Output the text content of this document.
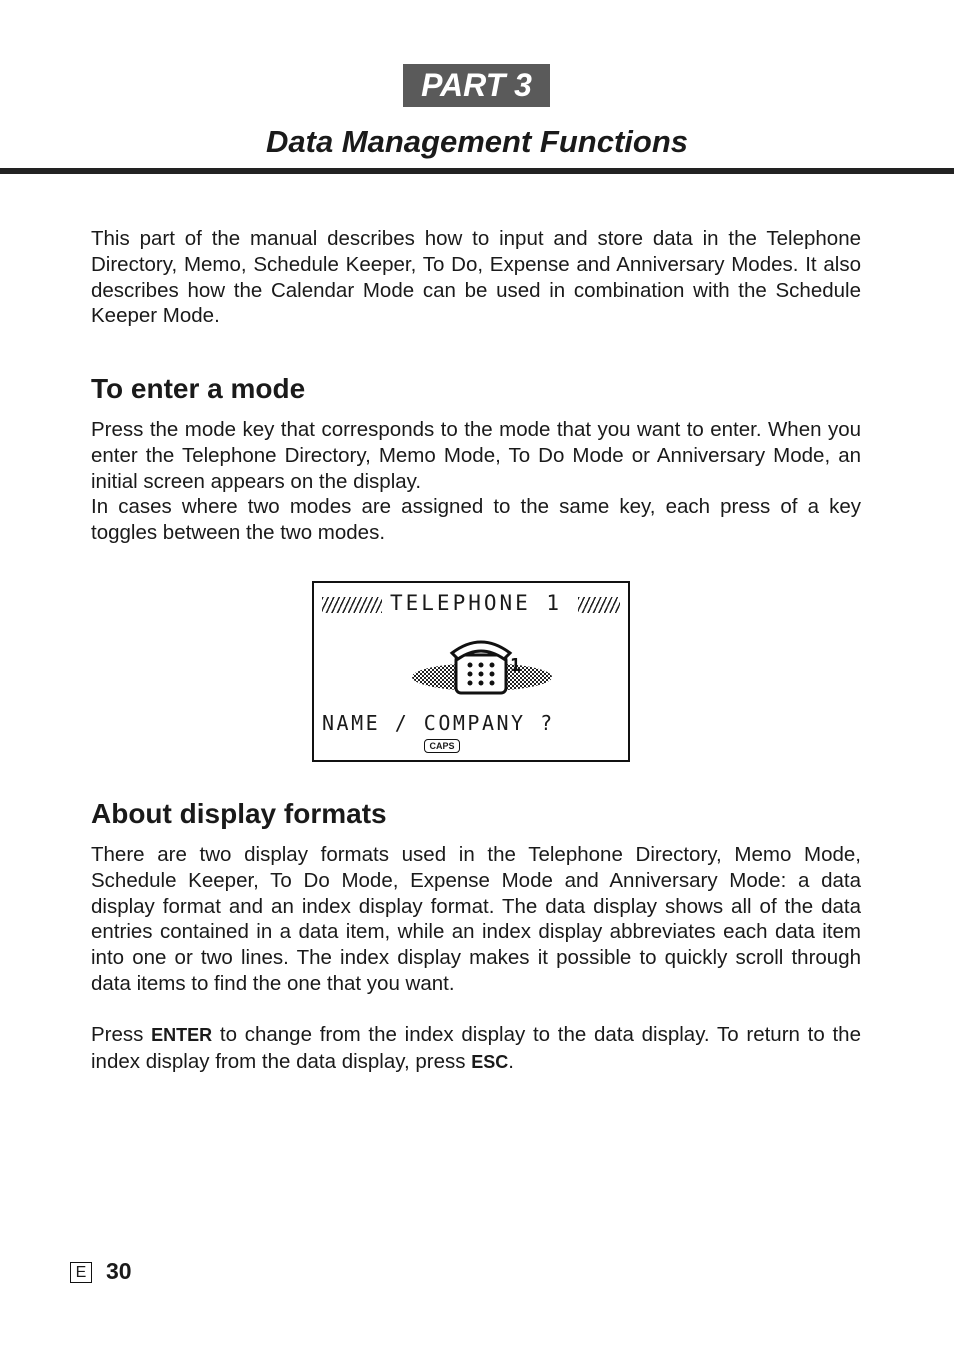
PART 3
Data Management Functions

This part of the manual describes how to input and store data in the Telephone Directory, Memo, Schedule Keeper, To Do, Expense and Anniversary Modes. It also describes how the Calendar Mode can be used in combination with the Schedule Keeper Mode.

To enter a mode

Press the mode key that corresponds to the mode that you want to enter. When you enter the Telephone Directory, Memo Mode, To Do Mode or Anniversary Mode, an initial screen appears on the display.

In cases where two modes are assigned to the same key, each press of a key toggles between the two modes.

TELEPHONE 1
1
NAME / COMPANY ?
CAPS
About display formats

There are two display formats used in the Telephone Directory, Memo Mode, Schedule Keeper, To Do Mode, Expense Mode and Anniversary Mode: a data display format and an index display format. The data display shows all of the data entries contained in a data item, while an index display abbreviates each data item into one or two lines. The index display makes it possible to quickly scroll through data items to find the one that you want.

Press ENTER to change from the index display to the data display. To return to the index display from the data display, press ESC.

E 30
